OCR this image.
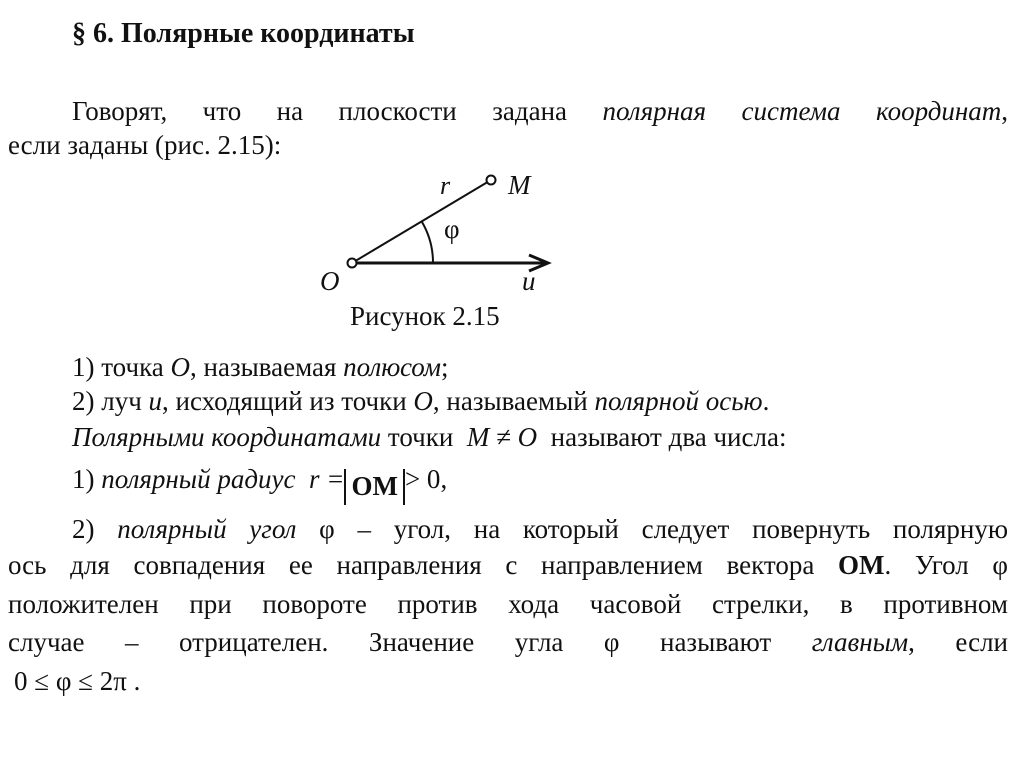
§ 6. Полярные координаты
Говорят, что на плоскости задана полярная система координат,
если заданы (рис. 2.15):
r M
φ
O	u
Рисунок 2.15
1) точка O, называемая полюсом;
2) луч u, исходящий из точки O, называемый полярной осью.
Полярными координатами точки  M ≠ O  называют два числа:
1) полярный радиус r = OM > 0,
2) полярный угол φ – угол, на который следует повернуть полярную
ось для совпадения ее направления с направлением вектора OM. Угол φ
положителен при повороте против хода часовой стрелки, в противном
случае – отрицателен. Значение угла φ называют главным, если
0 ≤ φ ≤ 2π .
